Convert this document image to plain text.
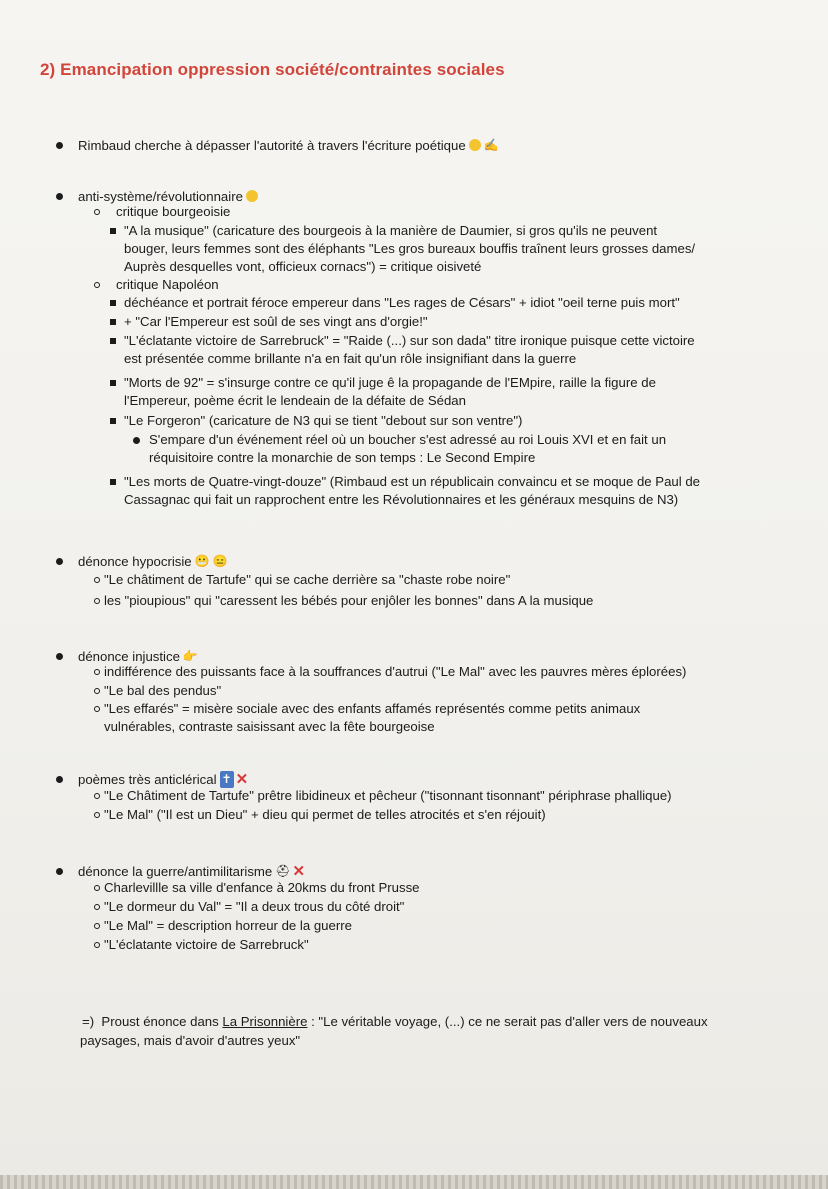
2) Emancipation oppression société/contraintes sociales
Rimbaud cherche à dépasser l'autorité à travers l'écriture poétique ✍
anti-système/révolutionnaire
critique bourgeoisie
"A la musique" (caricature des bourgeois à la manière de Daumier, si gros qu'ils ne peuvent
bouger, leurs femmes sont des éléphants "Les gros bureaux bouffis traînent leurs grosses dames/
Auprès desquelles vont, officieux cornacs") = critique oisiveté
critique Napoléon
déchéance et portrait féroce empereur dans "Les rages de Césars" + idiot "oeil terne puis mort"
+ "Car l'Empereur est soûl de ses vingt ans d'orgie!"
"L'éclatante victoire de Sarrebruck" = "Raide (...) sur son dada" titre ironique puisque cette victoire
est présentée comme brillante n'a en fait qu'un rôle insignifiant dans la guerre
"Morts de 92" = s'insurge contre ce qu'il juge ê la propagande de l'EMpire, raille la figure de
l'Empereur, poème écrit le lendeain de la défaite de Sédan
"Le Forgeron" (caricature de N3 qui se tient "debout sur son ventre")
S'empare d'un événement réel où un boucher s'est adressé au roi Louis XVI et en fait un
réquisitoire contre la monarchie de son temps : Le Second Empire
"Les morts de Quatre-vingt-douze" (Rimbaud est un républicain convaincu et se moque de Paul de
Cassagnac qui fait un rapprochent entre les Révolutionnaires et les généraux mesquins de N3)
dénonce hypocrisie 😬 😑
"Le châtiment de Tartufe" qui se cache derrière sa "chaste robe noire"
les "pioupious" qui "caressent les bébés pour enjôler les bonnes" dans A la musique
dénonce injustice 👉
indifférence des puissants face à la souffrances d'autrui ("Le Mal" avec les pauvres mères éplorées)
"Le bal des pendus"
"Les effarés" = misère sociale avec des enfants affamés représentés comme petits animaux
vulnérables, contraste saisissant avec la fête bourgeoise
poèmes très anticlérical ✝ ✕
"Le Châtiment de Tartufe" prêtre libidineux et pêcheur ("tisonnant tisonnant" périphrase phallique)
"Le Mal" ("Il est un Dieu" + dieu qui permet de telles atrocités et s'en réjouit)
dénonce la guerre/antimilitarisme ⛑ ✕
Charlevillle sa ville d'enfance à 20kms du front Prusse
"Le dormeur du Val" = "Il a deux trous du côté droit"
"Le Mal" = description horreur de la guerre
"L'éclatante victoire de Sarrebruck"
=) Proust énonce dans La Prisonnière : "Le véritable voyage, (...) ce ne serait pas d'aller vers de nouveaux
paysages, mais d'avoir d'autres yeux"
